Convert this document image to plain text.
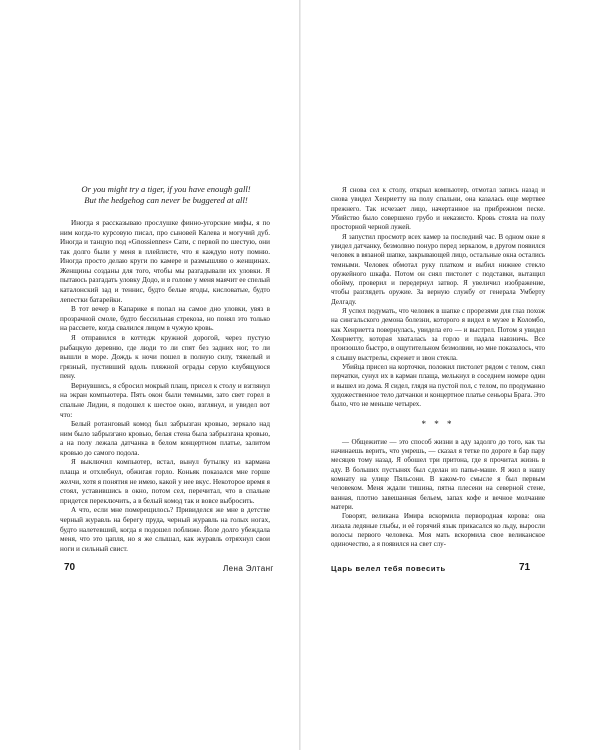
Or you might try a tiger, if you have enough gall!
But the hedgehog can never be buggered at all!

Иногда я рассказываю прослушке финно-угорские мифы, я по ним когда-то курсовую писал, про сыновей Калева и могучий дуб. Иногда и танцую под «Gnossiennes» Сати, с первой по шестую, они так долго были у меня в плейлисте, что я каждую ноту помню. Иногда просто делаю круги по камере и размышляю о женщинах. Женщины созданы для того, чтобы мы разгадывали их уловки. Я пытаюсь разгадать уловку Додо, и в голове у меня маячит ее спелый каталонский зад и теннис, будто белые ягоды, кисловатые, будто лепестки батарейки.

В тот вечер в Капарике я попал на самое дно уловки, увяз в прозрачной смоле, будто бессильная стрекоза, но понял это только на рассвете, когда свалился лицом в чужую кровь.

Я отправился в коттедж кружной дорогой, через пустую рыбацкую деревню, где люди то ли спят без задних ног, то ли вышли в море. Дождь к ночи пошел в полную силу, тяжелый и грязный, пустивший вдоль пляжной ограды серую клубящуюся пену.

Вернувшись, я сбросил мокрый плащ, присел к столу и взглянул на экран компьютера. Пять окон были темными, зато свет горел в спальне Лидии, я подошел к шестое окно, взглянул, и увидел вот что:

Белый ротанговый комод был забрызган кровью, зеркало над ним было забрызгано кровью, белая стена была забрызгана кровью, а на полу лежала датчанка в белом концертном платье, залитом кровью до самого подола.

Я выключил компьютер, встал, вынул бутылку из кармана плаща и отхлебнул, обжигая горло. Коньяк показался мне горше желчи, хотя я понятия не имею, какой у нее вкус. Некоторое время я стоял, уставившись в окно, потом сел, перечитал, что в спальне придется переключить, а в белый комод так и вовсе выбросить.

А что, если мне померещилось? Привиделся же мне в детстве черный журавль на берегу пруда, черный журавль на голых ногах, будто налетевший, когда я подошел поближе. Йоле долго убеждала меня, что это цапля, но я же слышал, как журавль отряхнул свои ноги и сильный свист.

70	Лена Элтанг

Я снова сел к столу, открыл компьютер, отмотал запись назад и снова увидел Хенриетту на полу спальни, она казалась еще мертвее прежнего. Так исчезает лицо, начертанное на прибрежном песке. Убийство было совершено грубо и неказисто. Кровь стояла на полу просторной черной лужей.

Я запустил просмотр всех камер за последний час. В одном окне я увидел датчанку, безмолвно понуро перед зеркалом, в другом появился человек в вязаной шапке, закрывающей лицо, остальные окна остались темными. Человек обмотал руку платком и выбил нижнее стекло оружейного шкафа. Потом он снял пистолет с подставки, вытащил обойму, проверил и передернул затвор. Я увеличил изображение, чтобы разглядеть оружие. За верную службу от генерала Умберту Делгаду.

Я успел подумать, что человек в шапке с прорезями для глаз похож на сингальского демона болезни, которого я видел в музее в Коломбо, как Хенриетта повернулась, увидела его — и выстрел. Потом я увидел Хенриетту, которая хваталась за горло и падала навзничь. Все произошло быстро, в ощутительном безмолвии, но мне показалось, что я слышу выстрелы, скрежет и звон стекла.

Убийца присел на корточки, положил пистолет рядом с телом, снял перчатки, сунул их в карман плаща, мелькнул в соседнем номере один и вышел из дома. Я сидел, глядя на пустой пол, с телом, по продуманно художественное тело датчанки и концертное платье сеньоры Брага. Это было, что не меньше четырех.

* * *

— Общежитие — это способ жизни в аду задолго до того, как ты начинаешь верить, что умрешь, — сказал я тетке по дороге в бар пару месяцев тому назад. Я обошел три притона, где я прочитал жизнь в аду. В больших пустынях был сделан из папье-маше. Я жил в нашу комнату на улице Пяльсони. В каком-то смысле я был первым человеком. Меня ждали тишина, пятна плесени на северной стене, ванная, плотно завешанная бельем, запах кофе и вечное молчание матери.

Говорят, великана Имира вскормила первородная корова: она лизала ледяные глыбы, и её горячий язык прикасался ко льду, выросли волосы первого человека. Моя мать вскормила свое великанское одиночество, а я появился на свет слу-

Царь велел тебя повесить	71
